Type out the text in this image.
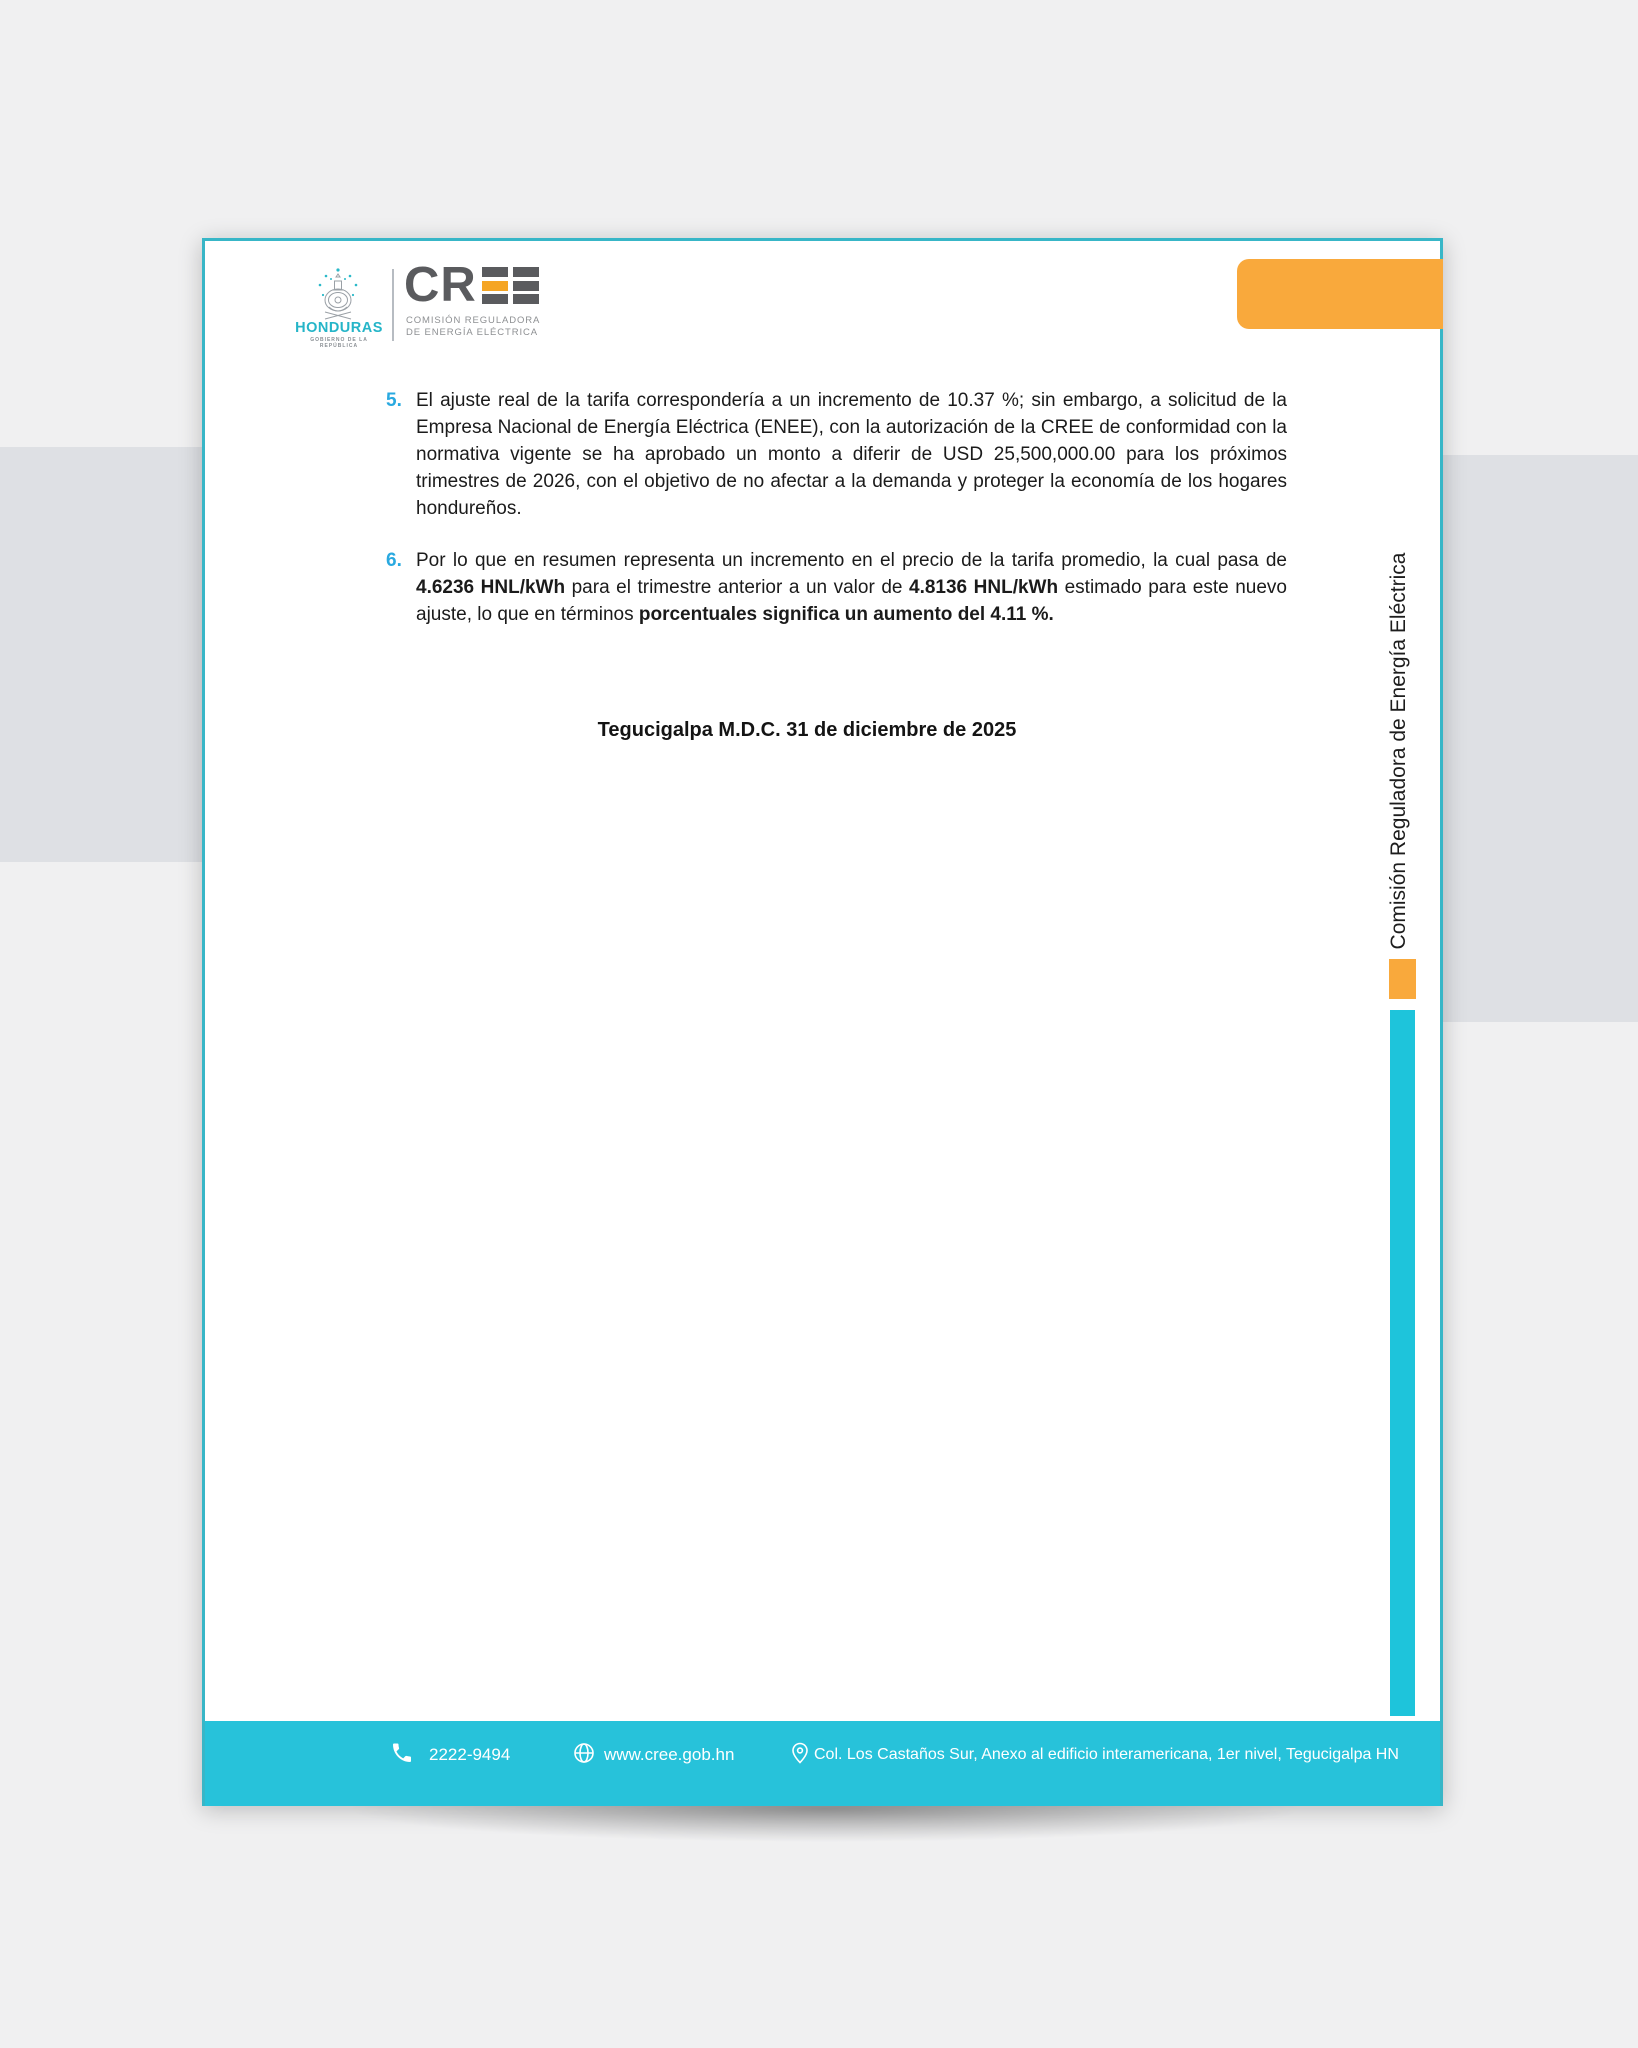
HONDURAS
GOBIERNO DE LA REPÚBLICA
CR
COMISIÓN REGULADORA
DE ENERGÍA ELÉCTRICA
5. El ajuste real de la tarifa correspondería a un incremento de 10.37 %; sin embargo, a solicitud de la Empresa Nacional de Energía Eléctrica (ENEE), con la autorización de la CREE de conformidad con la normativa vigente se ha aprobado un monto a diferir de USD 25,500,000.00 para los próximos trimestres de 2026, con el objetivo de no afectar a la demanda y proteger la economía de los hogares hondureños.
6. Por lo que en resumen representa un incremento en el precio de la tarifa promedio, la cual pasa de 4.6236 HNL/kWh para el trimestre anterior a un valor de 4.8136 HNL/kWh estimado para este nuevo ajuste, lo que en términos porcentuales significa un aumento del 4.11 %.
Tegucigalpa M.D.C. 31 de diciembre de 2025	Comisión Reguladora de Energía Eléctrica
2222-9494	www.cree.gob.hn	Col. Los Castaños Sur, Anexo al edificio interamericana, 1er nivel, Tegucigalpa HN
